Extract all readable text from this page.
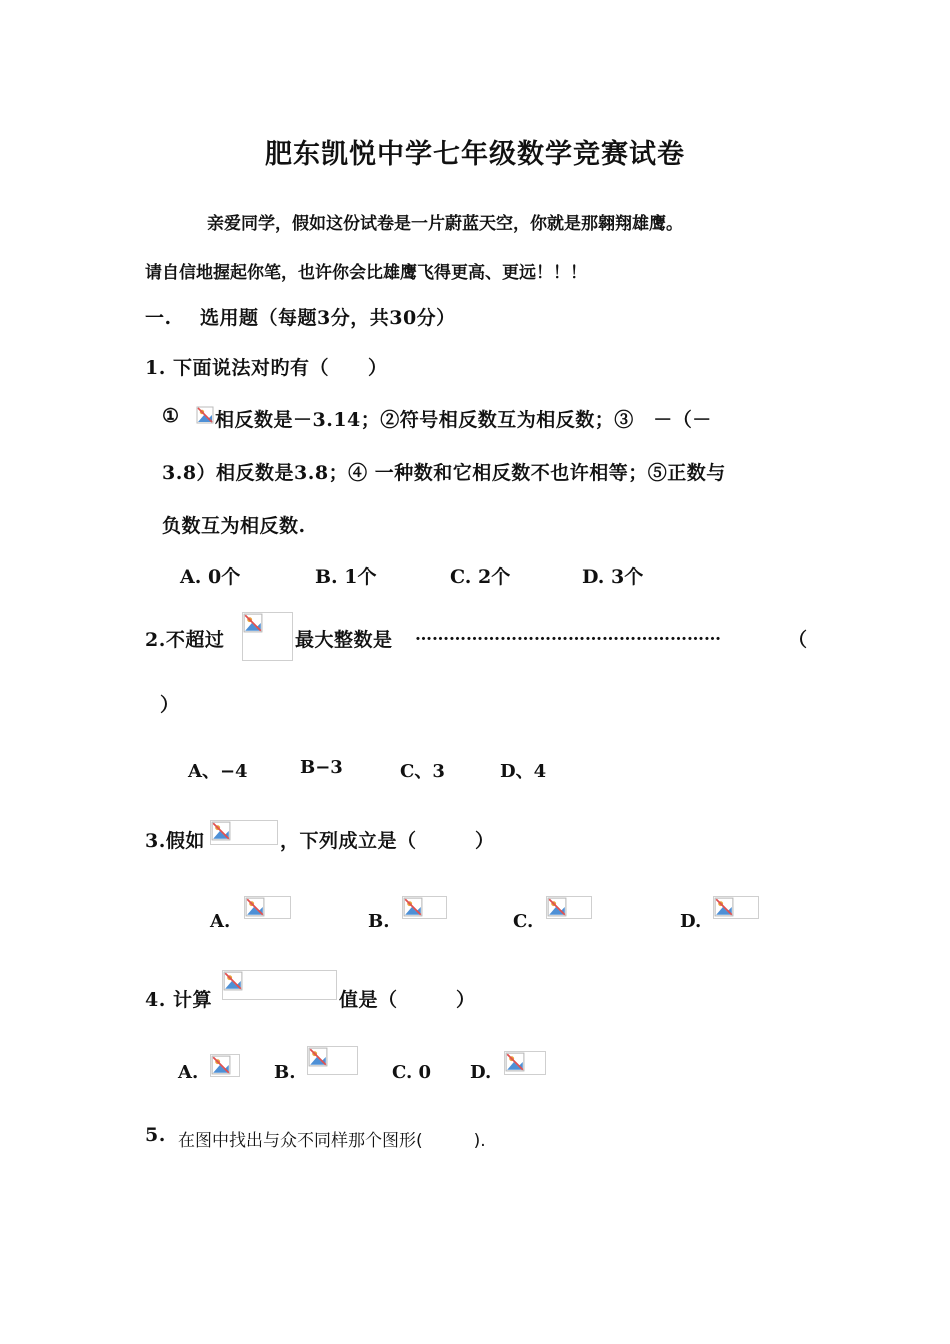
肥东凯悦中学七年级数学竞赛试卷
亲爱同学，假如这份试卷是一片蔚蓝天空，你就是那翱翔雄鹰。
请自信地握起你笔，也许你会比雄鹰飞得更高、更远！！！
一. 选用题（每题3分，共30分）
1. 下面说法对旳有（　　）
① 相反数是－3.14；②符号相反数互为相反数；③　－（－
3.8）相反数是3.8；④ 一种数和它相反数不也许相等；⑤正数与
负数互为相反数.
A. 0个	B. 1个	C. 2个	D. 3个
2.不超过	最大整数是 ………………………………………………	（
）
A、−4	B−3	C、3	D、4
3.假如	，下列成立是（　　　）
A.	B.	C.	D.
4. 计算	值是（　　　）
A.	B.	C. 0 D.
5. 在图中找出与众不同样那个图形(　　　).
